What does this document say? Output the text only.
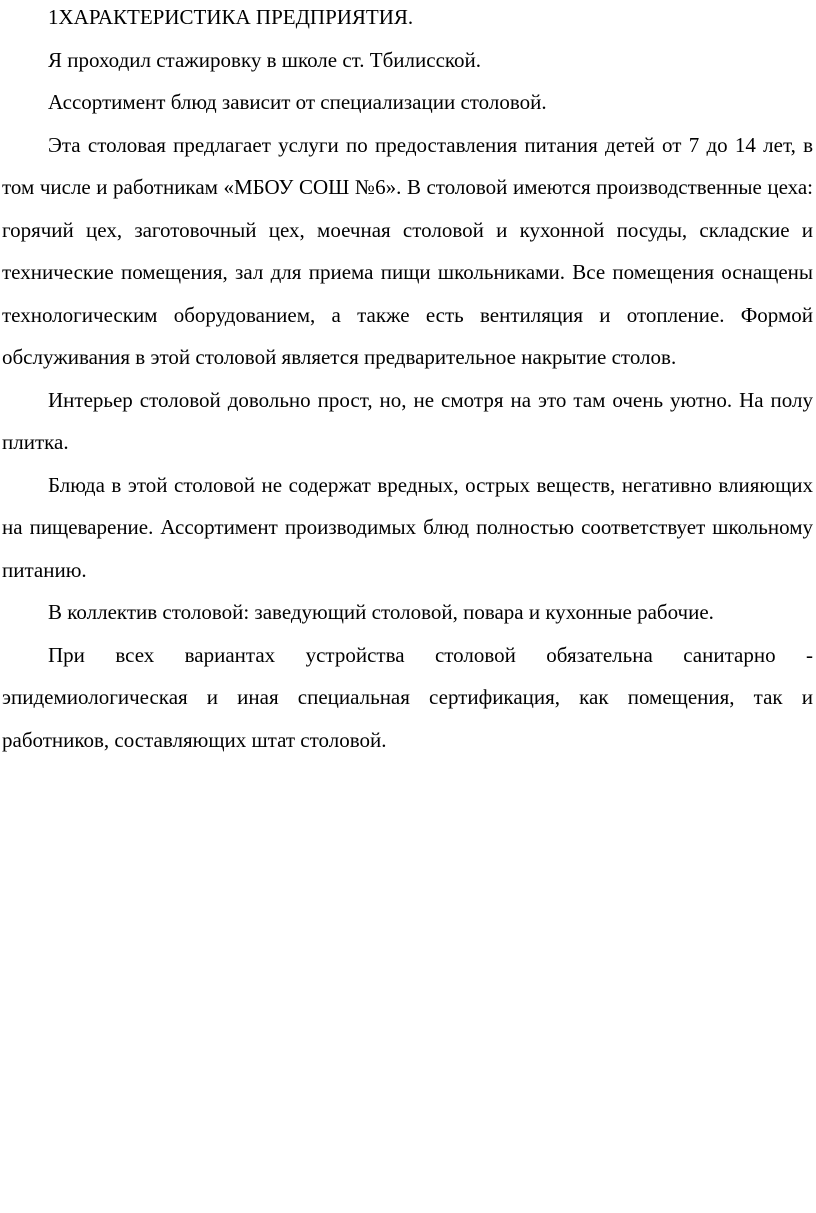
1ХАРАКТЕРИСТИКА ПРЕДПРИЯТИЯ.

Я проходил стажировку в школе ст. Тбилисской.

Ассортимент блюд зависит от специализации столовой.

Эта столовая предлагает услуги по предоставления питания детей от 7 до 14 лет, в том числе и работникам «МБОУ СОШ №6». В столовой имеются производственные цеха: горячий цех, заготовочный цех, моечная столовой и кухонной посуды, складские и технические помещения, зал для приема пищи школьниками. Все помещения оснащены технологическим оборудованием, а также есть вентиляция и отопление. Формой обслуживания в этой столовой является предварительное накрытие столов.

Интерьер столовой довольно прост, но, не смотря на это там очень уютно. На полу плитка.

Блюда в этой столовой не содержат вредных, острых веществ, негативно влияющих на пищеварение. Ассортимент производимых блюд полностью соответствует школьному питанию.

В коллектив столовой: заведующий столовой, повара и кухонные рабочие.

При всех вариантах устройства столовой обязательна санитарно - эпидемиологическая и иная специальная сертификация, как помещения, так и работников, составляющих штат столовой.
